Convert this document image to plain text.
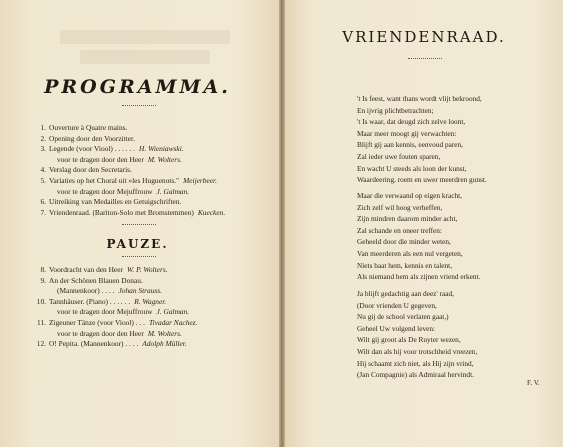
PROGRAMMA.
1. Ouverture à Quatre mains.
2. Opening door den Voorzitter.
3. Legende (voor Viool) . . . . . . H. Wieniawski.
voor te dragen door den Heer M. Wolters.
4. Verslag door den Secretaris.
5. Variaties op het Choral uit »les Huguenots." Meijerbeer.
voor te dragen door Mejuffrouw J. Galman.
6. Uitreiking van Medailles en Getuigschriften.
7. Vriendenraad. (Bariton-Solo met Bromstemmen) Kuecken.
PAUZE.
8. Voordracht van den Heer W. P. Wolters.
9. An der Schönen Blauen Donau.
(Mannenkoor) . . . . Johan Strauss.
10. Tannhäuser. (Piano) . . . . . . R. Wagner.
voor te dragen door Mejuffrouw J. Galman.
11. Zigeuner Tänze (voor Viool) . . . Tivadar Nachez.
voor te dragen door den Heer M. Wolters.
12. O! Pepita. (Mannenkoor) . . . . Adolph Müller.
VRIENDENRAAD.
't Is feest, want thans wordt vlijt bekroond,
En ijvrig plichtbetrachten;
't Is waar, dat deugd zich zelve loont,
Maar meer moogt gij verwachten:
Blijft gij aan kennis, eenvoud paren,
Zal ieder uwe fouten sparen,
En wacht U steeds als loon der kunst,
Waardeering, roem en uwer meerdren gunst.
Maar die verwaand op eigen kracht,
Zich zelf wil hoog verheffen,
Zijn mindren daarom minder acht,
Zal schande en oneer treffen:
Geheeld door die minder weten,
Van meerderen als een nul vergeten,
Niets baat hem, kennis en talent,
Als niemand hem als zijnen vriend erkent.
Ja blijft gedachtig aan deez' raad,
(Door vrienden U gegeven,
Nu gij de school verlaten gaat,)
Geheel Uw volgend leven:
Wilt gij groot als De Ruyter wezen,
Wilt dan als hij voor trotschheid vreezen,
Hij schaamt zich niet, als Hij zijn vrind,
(Jan Compagnie) als Admiraal hervindt.
F. V.
